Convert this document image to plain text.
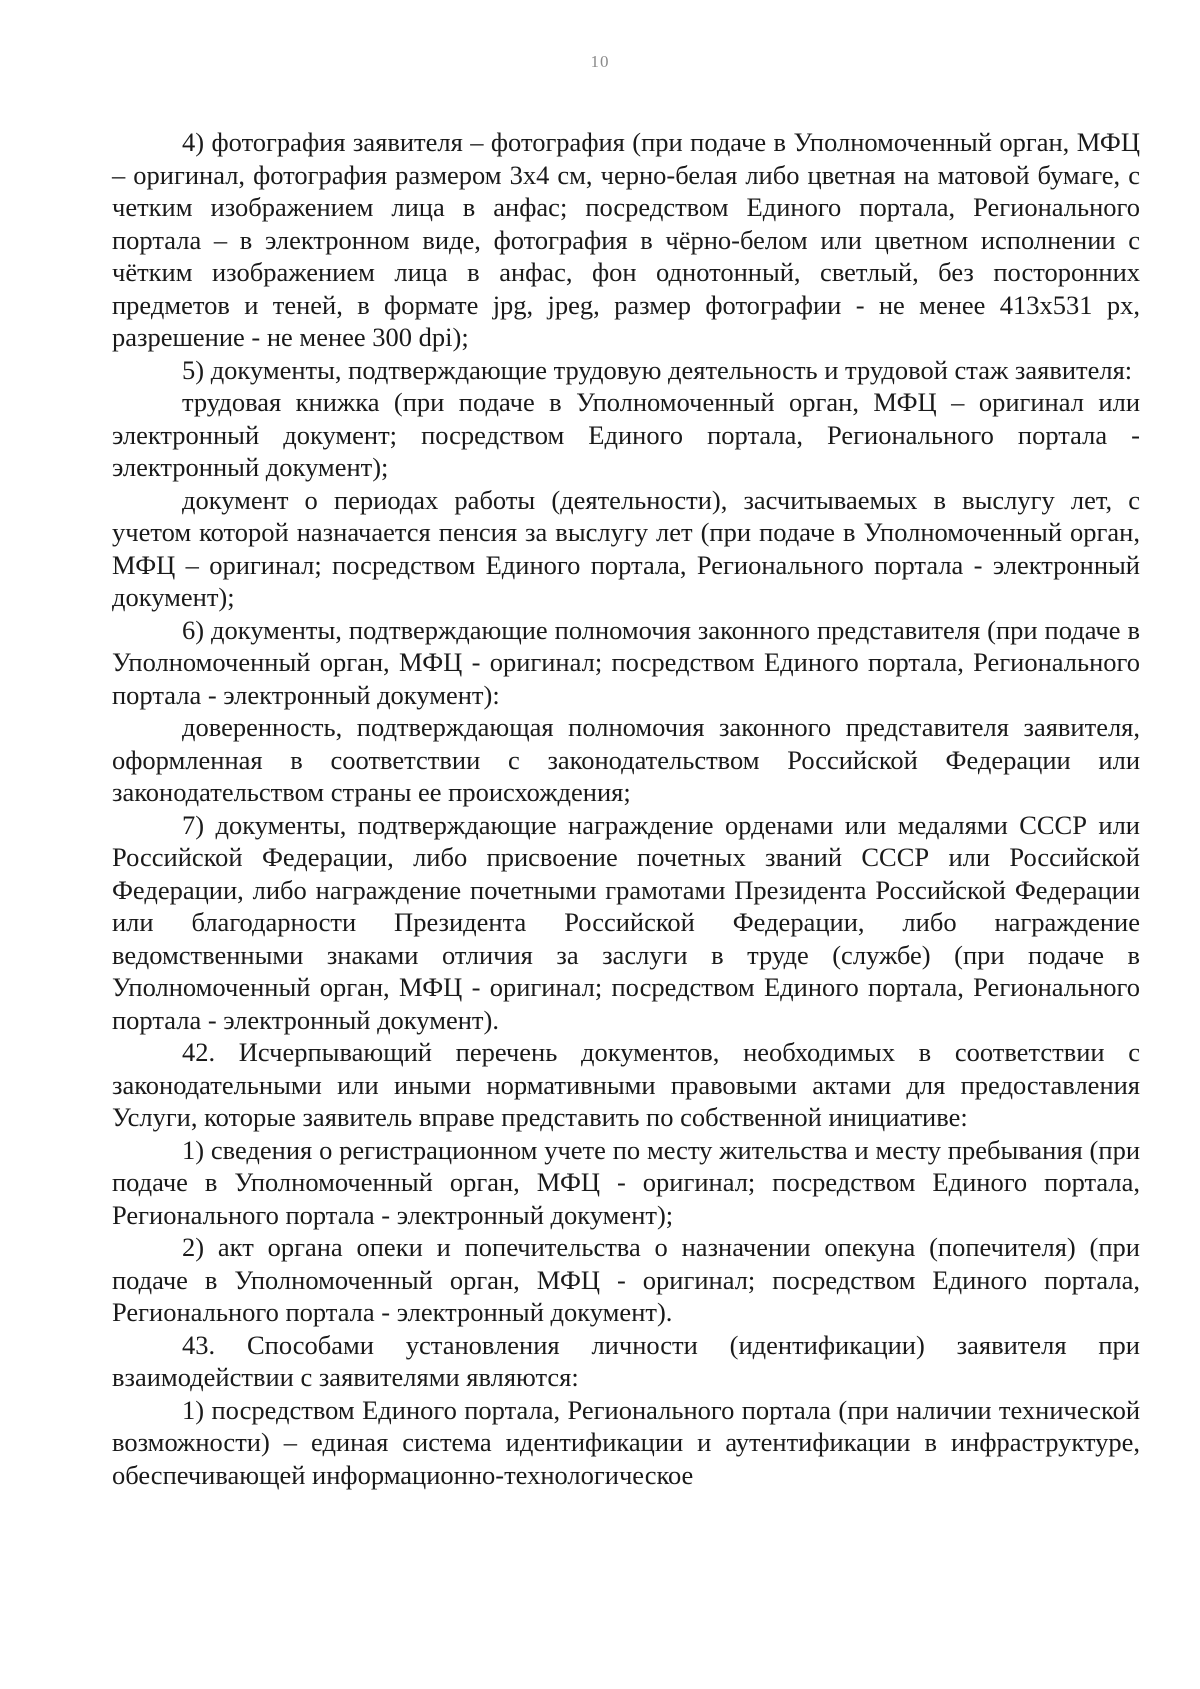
10

4) фотография заявителя – фотография (при подаче в Уполномоченный орган, МФЦ – оригинал, фотография размером 3х4 см, черно-белая либо цветная на матовой бумаге, с четким изображением лица в анфас; посредством Единого портала, Регионального портала – в электронном виде, фотография в чёрно-белом или цветном исполнении с чётким изображением лица в анфас, фон однотонный, светлый, без посторонних предметов и теней, в формате jpg, jpeg, размер фотографии - не менее 413х531 px, разрешение - не менее 300 dpi);

5) документы, подтверждающие трудовую деятельность и трудовой стаж заявителя:

трудовая книжка (при подаче в Уполномоченный орган, МФЦ – оригинал или электронный документ; посредством Единого портала, Регионального портала - электронный документ);

документ о периодах работы (деятельности), засчитываемых в выслугу лет, с учетом которой назначается пенсия за выслугу лет (при подаче в Уполномоченный орган, МФЦ – оригинал; посредством Единого портала, Регионального портала - электронный документ);

6) документы, подтверждающие полномочия законного представителя (при подаче в Уполномоченный орган, МФЦ - оригинал; посредством Единого портала, Регионального портала - электронный документ):

доверенность, подтверждающая полномочия законного представителя заявителя, оформленная в соответствии с законодательством Российской Федерации или законодательством страны ее происхождения;

7) документы, подтверждающие награждение орденами или медалями СССР или Российской Федерации, либо присвоение почетных званий СССР или Российской Федерации, либо награждение почетными грамотами Президента Российской Федерации или благодарности Президента Российской Федерации, либо награждение ведомственными знаками отличия за заслуги в труде (службе) (при подаче в Уполномоченный орган, МФЦ - оригинал; посредством Единого портала, Регионального портала - электронный документ).

42. Исчерпывающий перечень документов, необходимых в соответствии с законодательными или иными нормативными правовыми актами для предоставления Услуги, которые заявитель вправе представить по собственной инициативе:

1) сведения о регистрационном учете по месту жительства и месту пребывания (при подаче в Уполномоченный орган, МФЦ - оригинал; посредством Единого портала, Регионального портала - электронный документ);

2) акт органа опеки и попечительства о назначении опекуна (попечителя) (при подаче в Уполномоченный орган, МФЦ - оригинал; посредством Единого портала, Регионального портала - электронный документ).

43. Способами установления личности (идентификации) заявителя при взаимодействии с заявителями являются:

1) посредством Единого портала, Регионального портала (при наличии технической возможности) – единая система идентификации и аутентификации в инфраструктуре, обеспечивающей информационно-технологическое
